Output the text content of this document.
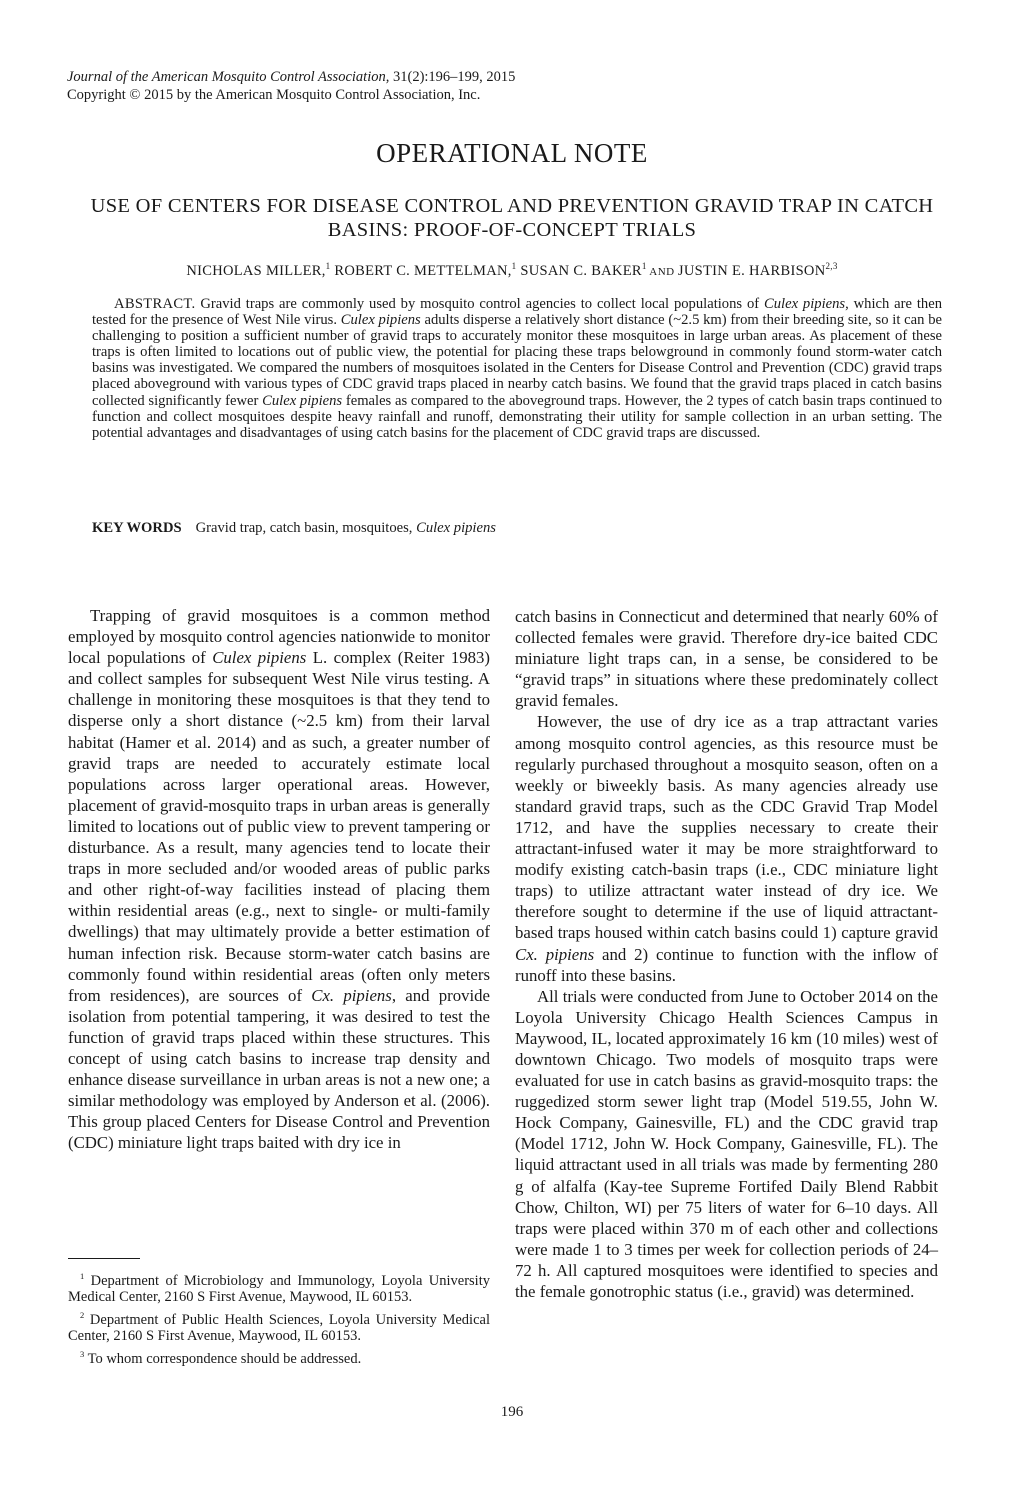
Journal of the American Mosquito Control Association, 31(2):196–199, 2015
Copyright © 2015 by the American Mosquito Control Association, Inc.
OPERATIONAL NOTE
USE OF CENTERS FOR DISEASE CONTROL AND PREVENTION GRAVID TRAP IN CATCH BASINS: PROOF-OF-CONCEPT TRIALS
NICHOLAS MILLER,$^1$ ROBERT C. METTELMAN,$^1$ SUSAN C. BAKER$^1$ AND JUSTIN E. HARBISON$^{2,3}$
ABSTRACT. Gravid traps are commonly used by mosquito control agencies to collect local populations of Culex pipiens, which are then tested for the presence of West Nile virus. Culex pipiens adults disperse a relatively short distance (~2.5 km) from their breeding site, so it can be challenging to position a sufficient number of gravid traps to accurately monitor these mosquitoes in large urban areas. As placement of these traps is often limited to locations out of public view, the potential for placing these traps belowground in commonly found storm-water catch basins was investigated. We compared the numbers of mosquitoes isolated in the Centers for Disease Control and Prevention (CDC) gravid traps placed aboveground with various types of CDC gravid traps placed in nearby catch basins. We found that the gravid traps placed in catch basins collected significantly fewer Culex pipiens females as compared to the aboveground traps. However, the 2 types of catch basin traps continued to function and collect mosquitoes despite heavy rainfall and runoff, demonstrating their utility for sample collection in an urban setting. The potential advantages and disadvantages of using catch basins for the placement of CDC gravid traps are discussed.
KEY WORDS Gravid trap, catch basin, mosquitoes, Culex pipiens

Trapping of gravid mosquitoes is a common method employed by mosquito control agencies nationwide to monitor local populations of Culex pipiens L. complex (Reiter 1983) and collect samples for subsequent West Nile virus testing. A challenge in monitoring these mosquitoes is that they tend to disperse only a short distance (~2.5 km) from their larval habitat (Hamer et al. 2014) and as such, a greater number of gravid traps are needed to accurately estimate local populations across larger operational areas. However, placement of gravid-mosquito traps in urban areas is generally limited to locations out of public view to prevent tampering or disturbance. As a result, many agencies tend to locate their traps in more secluded and/or wooded areas of public parks and other right-of-way facilities instead of placing them within residential areas (e.g., next to single- or multi-family dwellings) that may ultimately provide a better estimation of human infection risk. Because storm-water catch basins are commonly found within residential areas (often only meters from residences), are sources of Cx. pipiens, and provide isolation from potential tampering, it was desired to test the function of gravid traps placed within these structures. This concept of using catch basins to increase trap density and enhance disease surveillance in urban areas is not a new one; a similar methodology was employed by Anderson et al. (2006). This group placed Centers for Disease Control and Prevention (CDC) miniature light traps baited with dry ice in

$^1$ Department of Microbiology and Immunology, Loyola University Medical Center, 2160 S First Avenue, Maywood, IL 60153.

$^2$ Department of Public Health Sciences, Loyola University Medical Center, 2160 S First Avenue, Maywood, IL 60153.

$^3$ To whom correspondence should be addressed.

catch basins in Connecticut and determined that nearly 60% of collected females were gravid. Therefore dry-ice baited CDC miniature light traps can, in a sense, be considered to be “gravid traps” in situations where these predominately collect gravid females.

However, the use of dry ice as a trap attractant varies among mosquito control agencies, as this resource must be regularly purchased throughout a mosquito season, often on a weekly or biweekly basis. As many agencies already use standard gravid traps, such as the CDC Gravid Trap Model 1712, and have the supplies necessary to create their attractant-infused water it may be more straightforward to modify existing catch-basin traps (i.e., CDC miniature light traps) to utilize attractant water instead of dry ice. We therefore sought to determine if the use of liquid attractant-based traps housed within catch basins could 1) capture gravid Cx. pipiens and 2) continue to function with the inflow of runoff into these basins.

All trials were conducted from June to October 2014 on the Loyola University Chicago Health Sciences Campus in Maywood, IL, located approximately 16 km (10 miles) west of downtown Chicago. Two models of mosquito traps were evaluated for use in catch basins as gravid-mosquito traps: the ruggedized storm sewer light trap (Model 519.55, John W. Hock Company, Gainesville, FL) and the CDC gravid trap (Model 1712, John W. Hock Company, Gainesville, FL). The liquid attractant used in all trials was made by fermenting 280 g of alfalfa (Kay-tee Supreme Fortifed Daily Blend Rabbit Chow, Chilton, WI) per 75 liters of water for 6–10 days. All traps were placed within 370 m of each other and collections were made 1 to 3 times per week for collection periods of 24–72 h. All captured mosquitoes were identified to species and the female gonotrophic status (i.e., gravid) was determined.

196
